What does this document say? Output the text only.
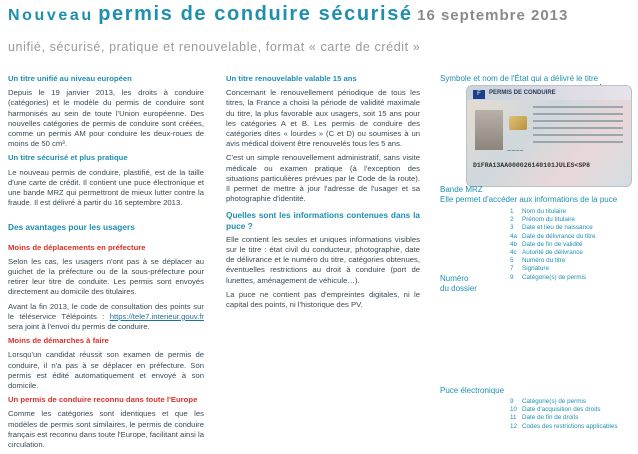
Nouveau permis de conduire sécurisé 16 septembre 2013
unifié, sécurisé, pratique et renouvelable, format « carte de crédit »

Un titre unifié au niveau européen

Depuis le 19 janvier 2013, les droits à conduire (catégories) et le modèle du permis de conduire sont harmonisés au sein de toute l'Union européenne. Des nouvelles catégories de permis de conduire sont créées, comme un permis AM pour conduire les deux-roues de moins de 50 cm³.

Un titre sécurisé et plus pratique

Le nouveau permis de conduire, plastifié, est de la taille d'une carte de crédit. Il contient une puce électronique et une bande MRZ qui permettront de mieux lutter contre la fraude. Il est délivré à partir du 16 septembre 2013.

Des avantages pour les usagers

Moins de déplacements en préfecture

Selon les cas, les usagers n'ont pas à se déplacer au guichet de la préfecture ou de la sous-préfecture pour retirer leur titre de conduite. Les permis sont envoyés directement au domicile des titulaires.

Avant la fin 2013, le code de consultation des points sur le téléservice Télépoints : https://tele7.interieur.gouv.fr sera joint à l'envoi du permis de conduire.

Moins de démarches à faire

Lorsqu'un candidat réussit son examen de permis de conduire, il n'a pas à se déplacer en préfecture. Son permis est édité automatiquement et envoyé à son domicile.

Un permis de conduire reconnu dans toute l'Europe

Comme les catégories sont identiques et que les modèles de permis sont similaires, le permis de conduire français est reconnu dans toute l'Europe, facilitant ainsi la circulation.

Un titre renouvelable valable 15 ans

Concernant le renouvellement périodique de tous les titres, la France a choisi la période de validité maximale du titre, la plus favorable aux usagers, soit 15 ans pour les catégories A et B. Les permis de conduire des catégories dites « lourdes » (C et D) ou soumises à un avis médical doivent être renouvelés tous les 5 ans.

C'est un simple renouvellement administratif, sans visite médicale ou examen pratique (à l'exception des situations particulières prévues par le Code de la route). Il permet de mettre à jour l'adresse de l'usager et sa photographie d'identité.

Quelles sont les informations contenues dans la puce ?

Elle contient les seules et uniques informations visibles sur le titre : état civil du conducteur, photographie, date de délivrance et le numéro du titre, catégories obtenues, éventuelles restrictions au droit à conduire (port de lunettes, aménagement de véhicule…).

La puce ne contient pas d'empreintes digitales, ni le capital des points, ni l'historique des PV.

Symbole et nom de l'État qui a délivré le titre
F	PERMIS DE CONDUIRE
~~~~
D1FRA13AA000026140101JULES<SP8
Bande MRZ
Elle permet d'accéder aux informations de la puce
1 Nom du titulaire
2 Prénom du titulaire
3 Date et lieu de naissance
4a Date de délivrance du titre
4b Date de fin de validité
4c Autorité de délivrance
5 Numéro du titre
7 Signature
9 Catégorie(s) de permis
Numéro
du dossier
Puce électronique
9 Catégorie(s) de permis
10 Date d'acquisition des droits
11 Date de fin de droits
12 Codes des restrictions applicables
